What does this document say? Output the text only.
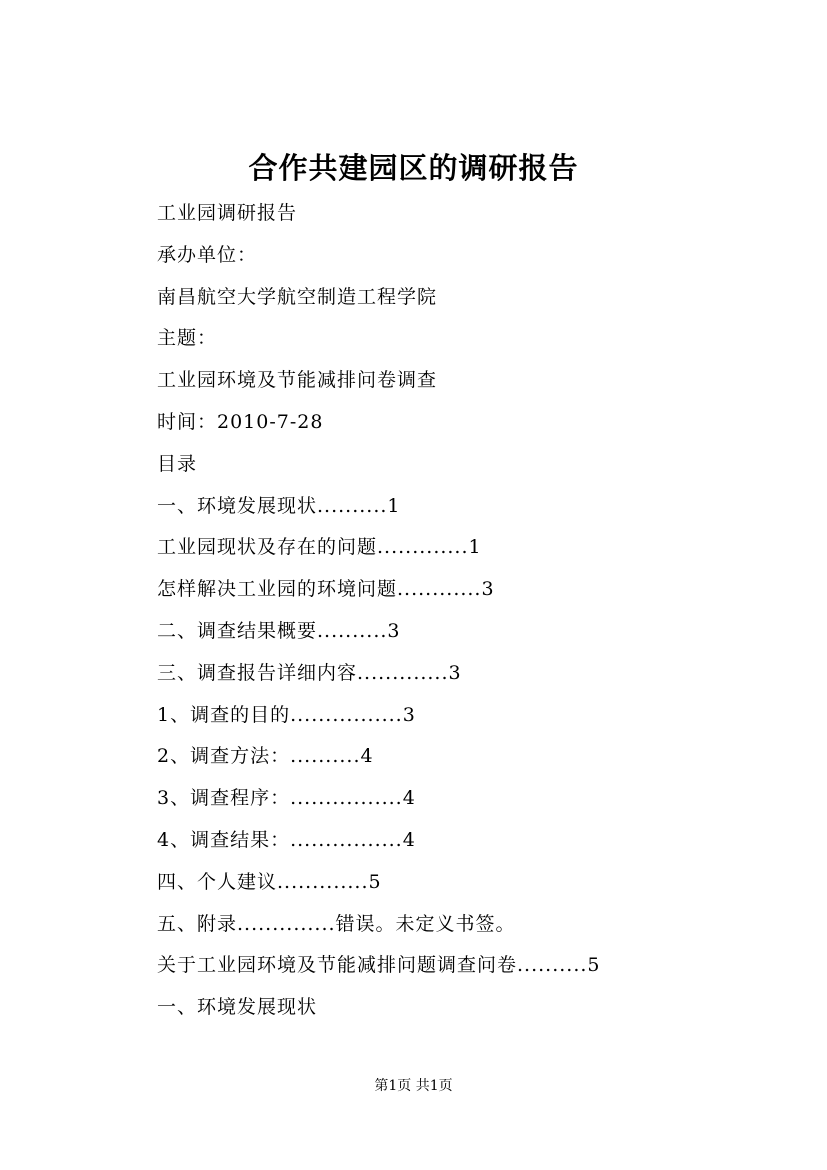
合作共建园区的调研报告
工业园调研报告
承办单位：
南昌航空大学航空制造工程学院
主题：
工业园环境及节能减排问卷调查
时间：2010-7-28
目录
一、环境发展现状..........1
工业园现状及存在的问题.............1
怎样解决工业园的环境问题............3
二、调查结果概要..........3
三、调查报告详细内容.............3
1、调查的目的................3
2、调查方法：..........4
3、调查程序：................4
4、调查结果：................4
四、个人建议.............5
五、附录..............错误。未定义书签。
关于工业园环境及节能减排问题调查问卷..........5
一、环境发展现状
第1页 共1页
